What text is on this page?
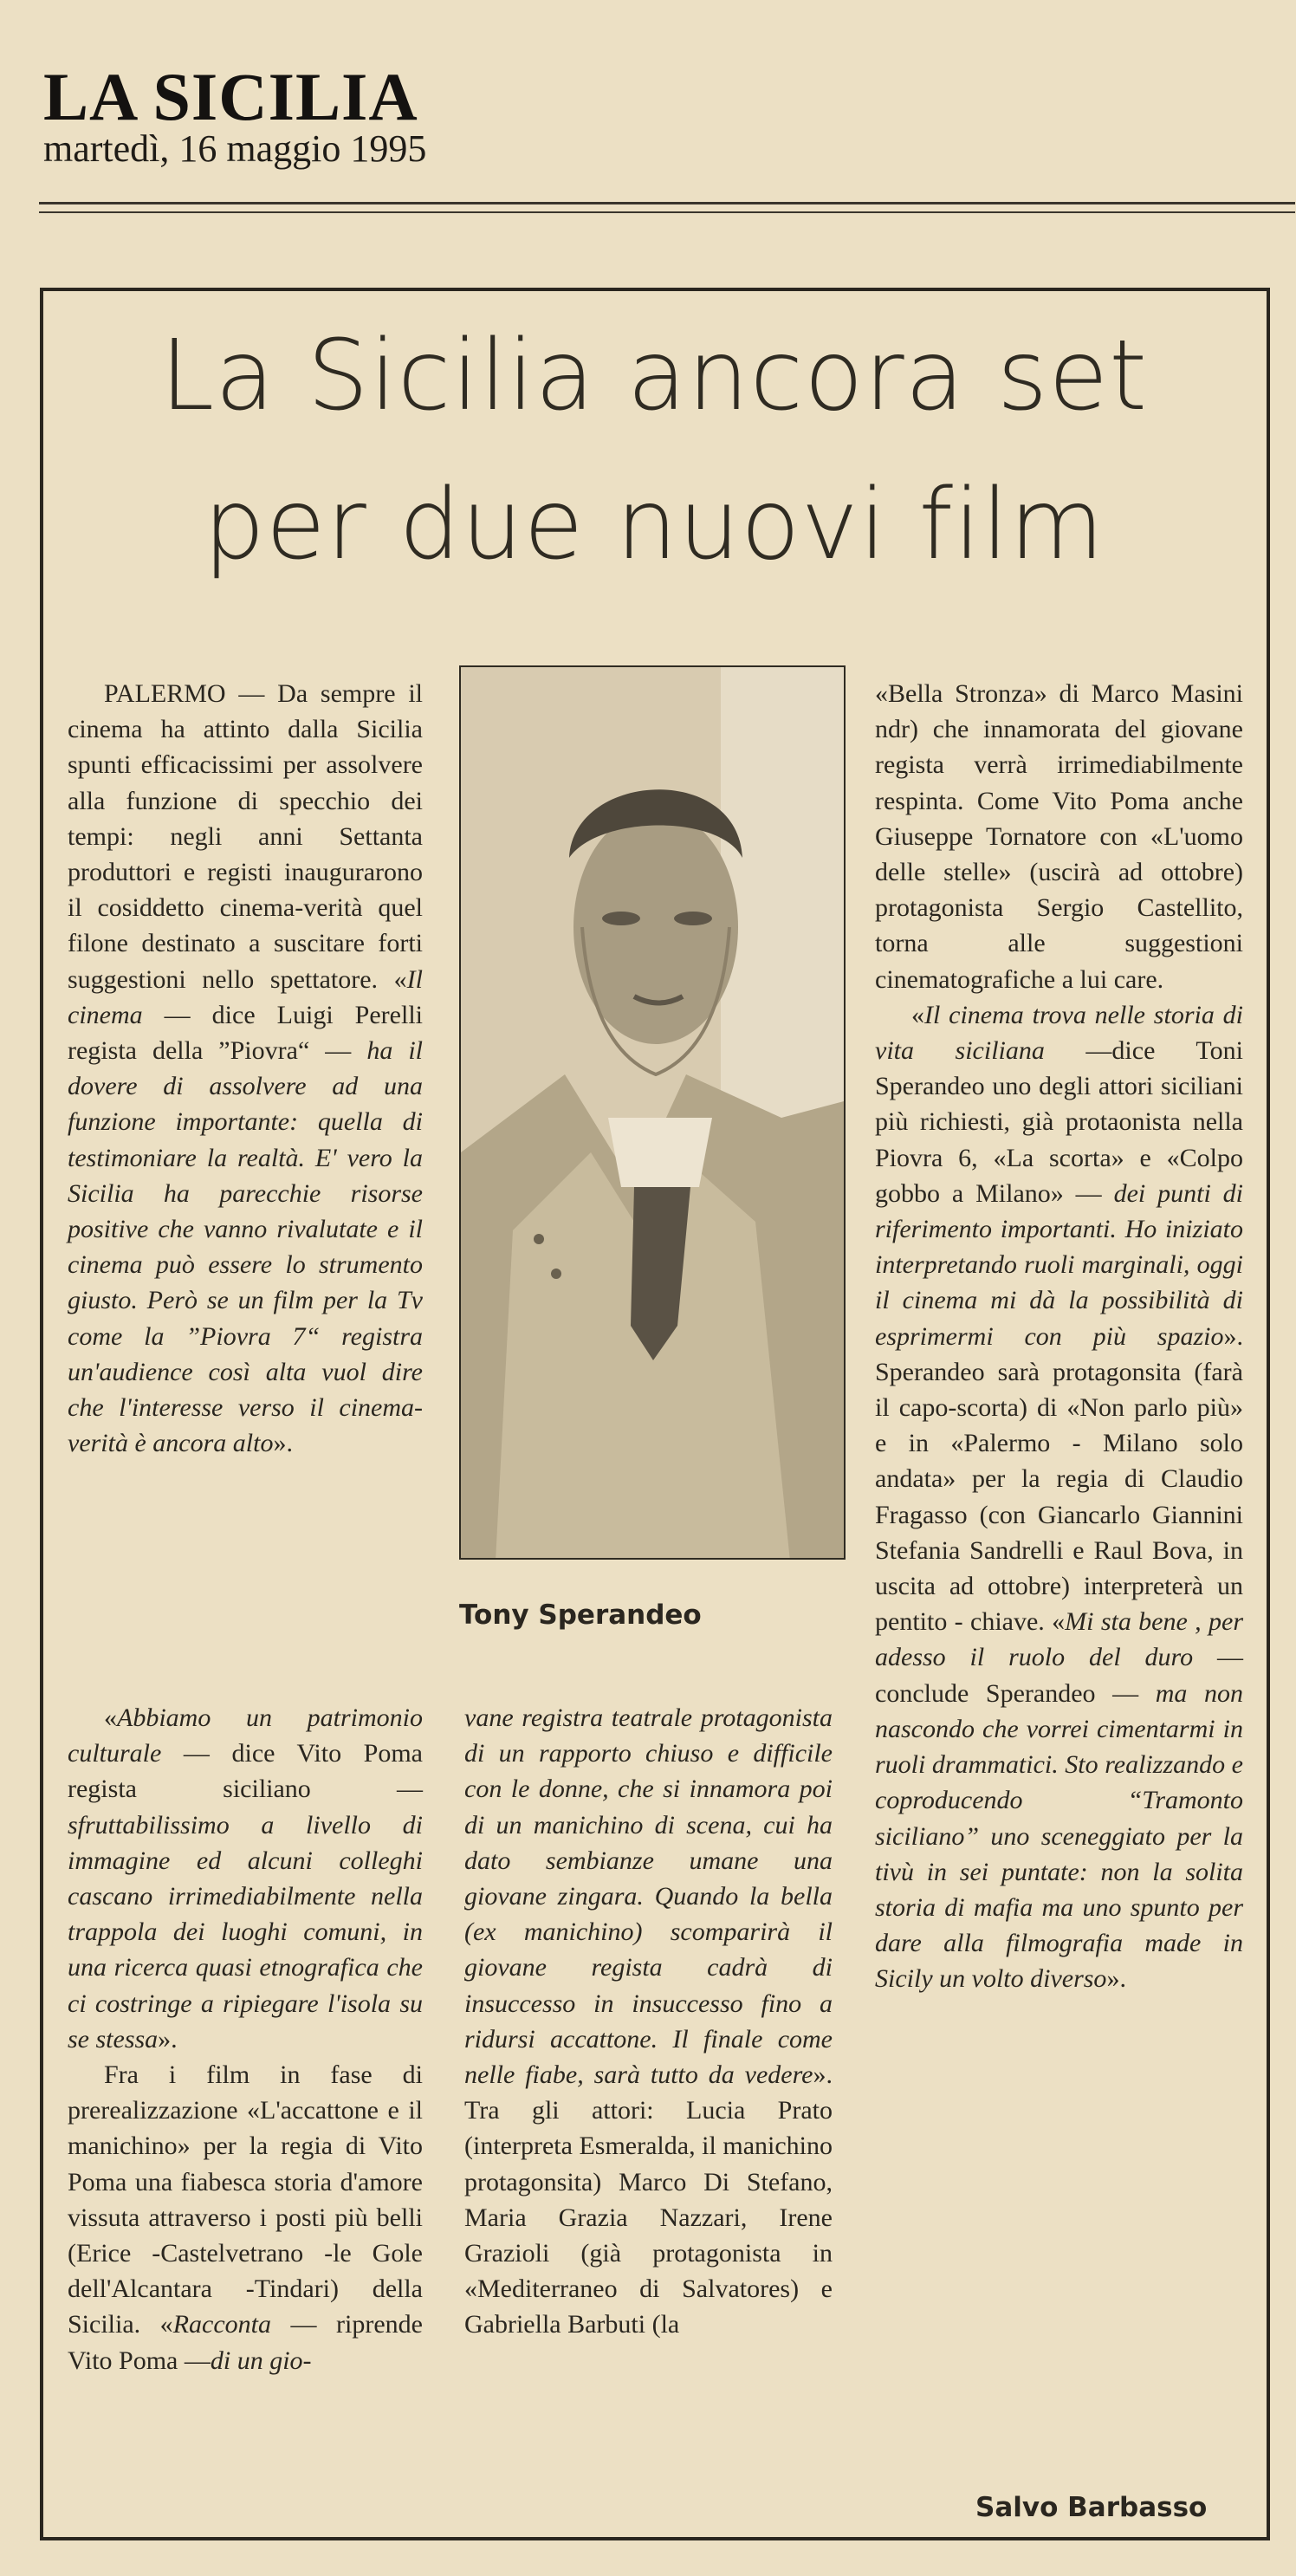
LA SICILIA
martedì, 16 maggio 1995
La Sicilia ancora set
per due nuovi film

PALERMO — Da sempre il cinema ha attinto dalla Sicilia spunti efficacissimi per assolvere alla funzione di specchio dei tempi: negli anni Settanta produttori e registi inaugurarono il cosiddetto cinema-verità quel filone destinato a suscitare forti suggestioni nello spettatore. «Il cinema — dice Luigi Perelli regista della ”Piovra“ — ha il dovere di assolvere ad una funzione importante: quella di testimoniare la realtà. E' vero la Sicilia ha parecchie risorse positive che vanno rivalutate e il cinema può essere lo strumento giusto. Però se un film per la Tv come la ”Piovra 7“ registra un'audience così alta vuol dire che l'interesse verso il cinema-verità è ancora alto».

«Abbiamo un patrimonio culturale — dice Vito Poma regista siciliano — sfruttabilissimo a livello di immagine ed alcuni colleghi cascano irrimediabilmente nella trappola dei luoghi comuni, in una ricerca quasi etnografica che ci costringe a ripiegare l'isola su se stessa».

Fra i film in fase di prerealizzazione «L'accattone e il manichino» per la regia di Vito Poma una fiabesca storia d'amore vissuta attraverso i posti più belli (Erice -Castelvetrano -le Gole dell'Alcantara -Tindari) della Sicilia. «Racconta — riprende Vito Poma —di un gio-

Tony Sperandeo

vane registra teatrale protagonista di un rapporto chiuso e difficile con le donne, che si innamora poi di un manichino di scena, cui ha dato sembianze umane una giovane zingara. Quando la bella (ex manichino) scomparirà il giovane regista cadrà di insuccesso in insuccesso fino a ridursi accattone. Il finale come nelle fiabe, sarà tutto da vedere». Tra gli attori: Lucia Prato (interpreta Esmeralda, il manichino protagonsita) Marco Di Stefano, Maria Grazia Nazzari, Irene Grazioli (già protagonista in «Mediterraneo di Salvatores) e Gabriella Barbuti (la

«Bella Stronza» di Marco Masini ndr) che innamorata del giovane regista verrà irrimediabilmente respinta. Come Vito Poma anche Giuseppe Tornatore con «L'uomo delle stelle» (uscirà ad ottobre) protagonista Sergio Castellito, torna alle suggestioni cinematografiche a lui care.

«Il cinema trova nelle storia di vita siciliana —dice Toni Sperandeo uno degli attori siciliani più richiesti, già protaonista nella Piovra 6, «La scorta» e «Colpo gobbo a Milano» — dei punti di riferimento importanti. Ho iniziato interpretando ruoli marginali, oggi il cinema mi dà la possibilità di esprimermi con più spazio». Sperandeo sarà protagonsita (farà il capo-scorta) di «Non parlo più» e in «Palermo - Milano solo andata» per la regia di Claudio Fragasso (con Giancarlo Giannini Stefania Sandrelli e Raul Bova, in uscita ad ottobre) interpreterà un pentito - chiave. «Mi sta bene , per adesso il ruolo del duro —conclude Sperandeo — ma non nascondo che vorrei cimentarmi in ruoli drammatici. Sto realizzando e coproducendo “Tramonto siciliano” uno sceneggiato per la tivù in sei puntate: non la solita storia di mafia ma uno spunto per dare alla filmografia made in Sicily un volto diverso».

Salvo Barbasso
